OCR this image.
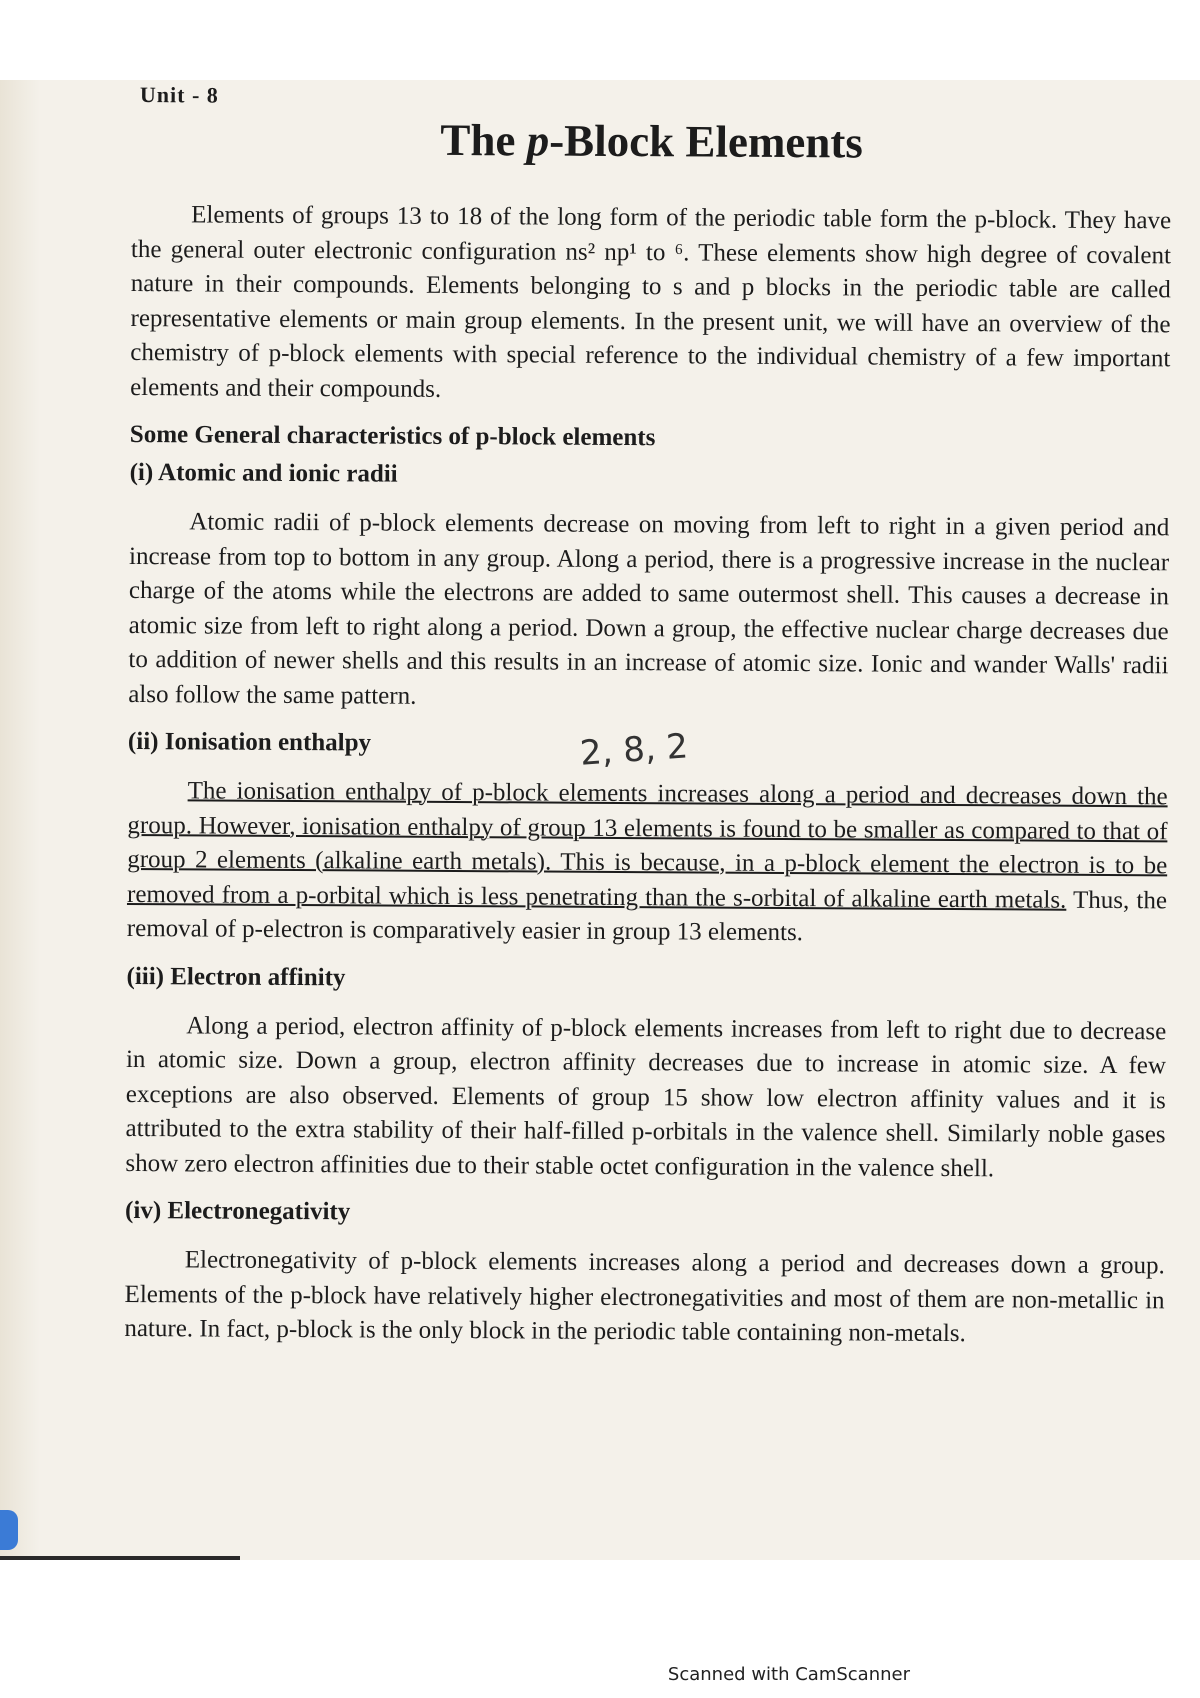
Unit - 8
The p-Block Elements

Elements of groups 13 to 18 of the long form of the periodic table form the p-block. They have the general outer electronic configuration ns² np¹ to ⁶. These elements show high degree of covalent nature in their compounds. Elements belonging to s and p blocks in the periodic table are called representative elements or main group elements. In the present unit, we will have an overview of the chemistry of p-block elements with special reference to the individual chemistry of a few important elements and their compounds.

Some General characteristics of p-block elements
(i) Atomic and ionic radii

Atomic radii of p-block elements decrease on moving from left to right in a given period and increase from top to bottom in any group. Along a period, there is a progressive increase in the nuclear charge of the atoms while the electrons are added to same outermost shell. This causes a decrease in atomic size from left to right along a period. Down a group, the effective nuclear charge decreases due to addition of newer shells and this results in an increase of atomic size. Ionic and wander Walls' radii also follow the same pattern.

(ii) Ionisation enthalpy

The ionisation enthalpy of p-block elements increases along a period and decreases down the group. However, ionisation enthalpy of group 13 elements is found to be smaller as compared to that of group 2 elements (alkaline earth metals). This is because, in a p-block element the electron is to be removed from a p-orbital which is less penetrating than the s-orbital of alkaline earth metals. Thus, the removal of p-electron is comparatively easier in group 13 elements.

(iii) Electron affinity

Along a period, electron affinity of p-block elements increases from left to right due to decrease in atomic size. Down a group, electron affinity decreases due to increase in atomic size. A few exceptions are also observed. Elements of group 15 show low electron affinity values and it is attributed to the extra stability of their half-filled p-orbitals in the valence shell. Similarly noble gases show zero electron affinities due to their stable octet configuration in the valence shell.

(iv) Electronegativity

Electronegativity of p-block elements increases along a period and decreases down a group. Elements of the p-block have relatively higher electronegativities and most of them are non-metallic in nature. In fact, p-block is the only block in the periodic table containing non-metals.

2, 8, 2
Scanned with CamScanner
